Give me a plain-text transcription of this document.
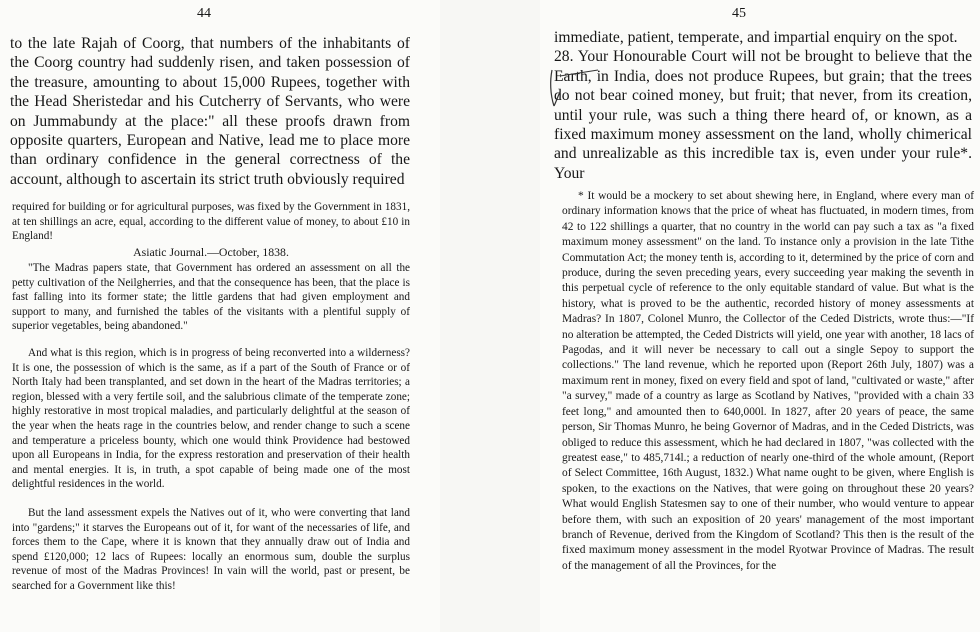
44
to the late Rajah of Coorg, that numbers of the inhabitants of the Coorg country had suddenly risen, and taken possession of the treasure, amounting to about 15,000 Rupees, together with the Head Sheristedar and his Cutcherry of Servants, who were on Jummabundy at the place:" all these proofs drawn from opposite quarters, European and Native, lead me to place more than ordinary confidence in the general correctness of the account, although to ascertain its strict truth obviously required

required for building or for agricultural purposes, was fixed by the Government in 1831, at ten shillings an acre, equal, according to the different value of money, to about £10 in England!

Asiatic Journal.—October, 1838.

"The Madras papers state, that Government has ordered an assessment on all the petty cultivation of the Neilgherries, and that the consequence has been, that the place is fast falling into its former state; the little gardens that had given employment and support to many, and furnished the tables of the visitants with a plentiful supply of superior vegetables, being abandoned."

And what is this region, which is in progress of being reconverted into a wilderness? It is one, the possession of which is the same, as if a part of the South of France or of North Italy had been transplanted, and set down in the heart of the Madras territories; a region, blessed with a very fertile soil, and the salubrious climate of the temperate zone; highly restorative in most tropical maladies, and particularly delightful at the season of the year when the heats rage in the countries below, and render change to such a scene and temperature a priceless bounty, which one would think Providence had bestowed upon all Europeans in India, for the express restoration and preservation of their health and mental energies. It is, in truth, a spot capable of being made one of the most delightful residences in the world.

But the land assessment expels the Natives out of it, who were converting that land into "gardens;" it starves the Europeans out of it, for want of the necessaries of life, and forces them to the Cape, where it is known that they annually draw out of India and spend £120,000; 12 lacs of Rupees: locally an enormous sum, double the surplus revenue of most of the Madras Provinces! In vain will the world, past or present, be searched for a Government like this!

45
immediate, patient, temperate, and impartial enquiry on the spot.
28. Your Honourable Court will not be brought to believe that the Earth, in India, does not produce Rupees, but grain; that the trees do not bear coined money, but fruit; that never, from its creation, until your rule, was such a thing there heard of, or known, as a fixed maximum money assessment on the land, wholly chimerical and unrealizable as this incredible tax is, even under your rule*. Your

* It would be a mockery to set about shewing here, in England, where every man of ordinary information knows that the price of wheat has fluctuated, in modern times, from 42 to 122 shillings a quarter, that no country in the world can pay such a tax as "a fixed maximum money assessment" on the land. To instance only a provision in the late Tithe Commutation Act; the money tenth is, according to it, determined by the price of corn and produce, during the seven preceding years, every succeeding year making the seventh in this perpetual cycle of reference to the only equitable standard of value. But what is the history, what is proved to be the authentic, recorded history of money assessments at Madras? In 1807, Colonel Munro, the Collector of the Ceded Districts, wrote thus:—"If no alteration be attempted, the Ceded Districts will yield, one year with another, 18 lacs of Pagodas, and it will never be necessary to call out a single Sepoy to support the collections." The land revenue, which he reported upon (Report 26th July, 1807) was a maximum rent in money, fixed on every field and spot of land, "cultivated or waste," after "a survey," made of a country as large as Scotland by Natives, "provided with a chain 33 feet long," and amounted then to 640,000l. In 1827, after 20 years of peace, the same person, Sir Thomas Munro, he being Governor of Madras, and in the Ceded Districts, was obliged to reduce this assessment, which he had declared in 1807, "was collected with the greatest ease," to 485,714l.; a reduction of nearly one-third of the whole amount, (Report of Select Committee, 16th August, 1832.) What name ought to be given, where English is spoken, to the exactions on the Natives, that were going on throughout these 20 years? What would English Statesmen say to one of their number, who would venture to appear before them, with such an exposition of 20 years' management of the most important branch of Revenue, derived from the Kingdom of Scotland? This then is the result of the fixed maximum money assessment in the model Ryotwar Province of Madras. The result of the management of all the Provinces, for the
